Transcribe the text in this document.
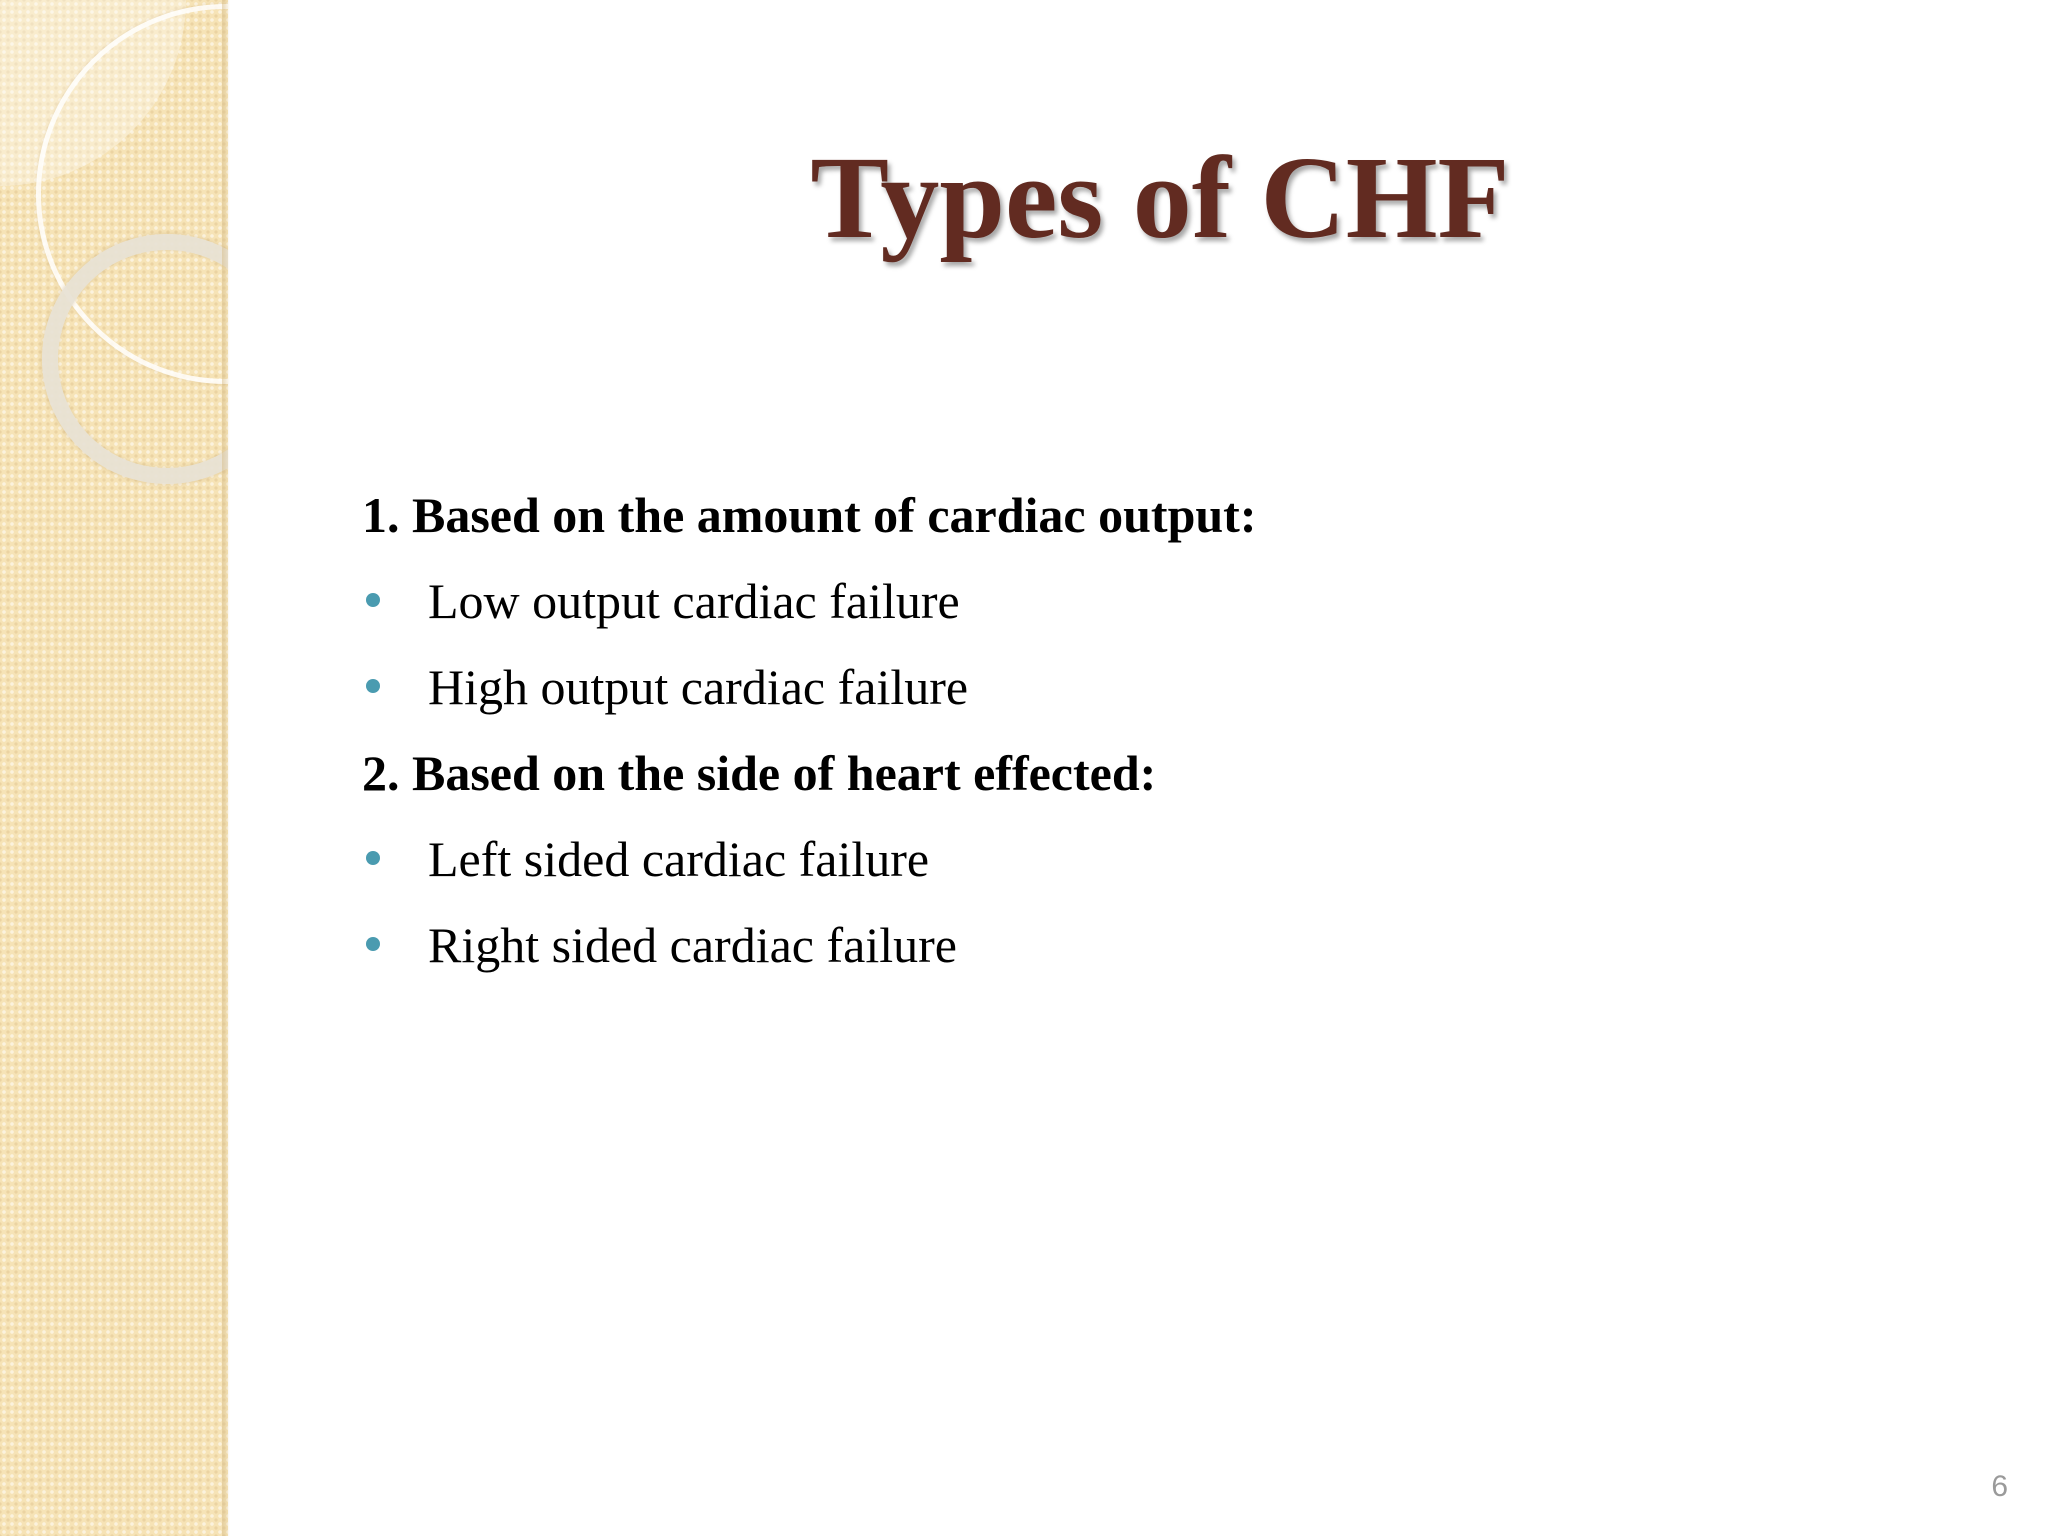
Types of CHF
1. Based on the amount of cardiac output:
Low output cardiac failure
High output cardiac failure
2. Based on the side of heart effected:
Left sided cardiac failure
Right sided cardiac failure
6
